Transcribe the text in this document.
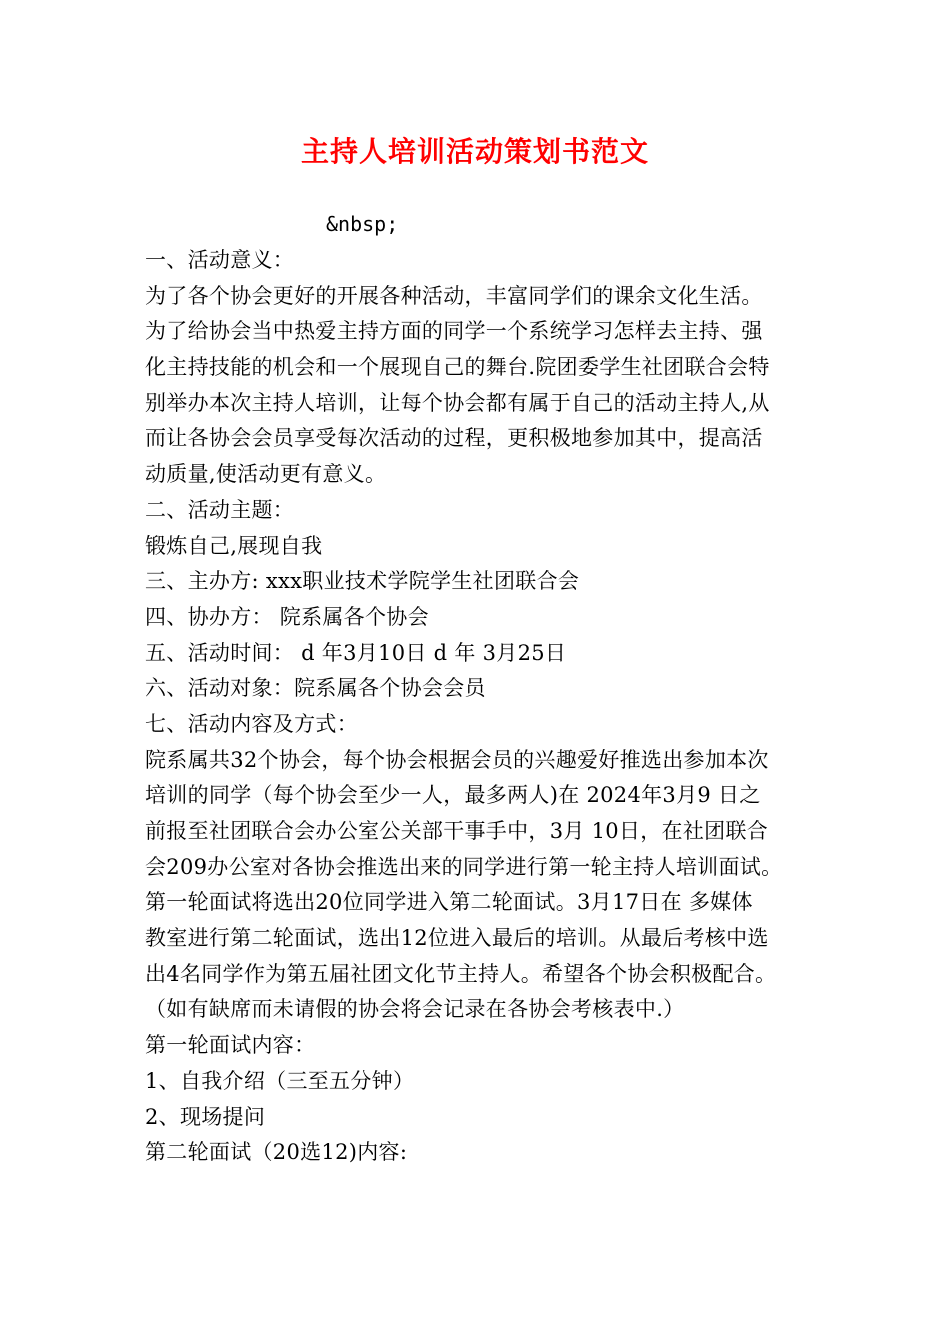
主持人培训活动策划书范文
&nbsp;
一、活动意义：
为了各个协会更好的开展各种活动，丰富同学们的课余文化生活。
为了给协会当中热爱主持方面的同学一个系统学习怎样去主持、强
化主持技能的机会和一个展现自己的舞台.院团委学生社团联合会特
别举办本次主持人培训，让每个协会都有属于自己的活动主持人,从
而让各协会会员享受每次活动的过程，更积极地参加其中，提高活
动质量,使活动更有意义。
二、活动主题：
锻炼自己,展现自我
三、主办方: xxx职业技术学院学生社团联合会
四、协办方： 院系属各个协会
五、活动时间： d 年3月10日 d 年 3月25日
六、活动对象：院系属各个协会会员
七、活动内容及方式：
院系属共32个协会，每个协会根据会员的兴趣爱好推选出参加本次
培训的同学（每个协会至少一人，最多两人)在 2024年3月9 日之
前报至社团联合会办公室公关部干事手中，3月 10日，在社团联合
会209办公室对各协会推选出来的同学进行第一轮主持人培训面试。
第一轮面试将选出20位同学进入第二轮面试。3月17日在 多媒体
教室进行第二轮面试，选出12位进入最后的培训。从最后考核中选
出4名同学作为第五届社团文化节主持人。希望各个协会积极配合。
（如有缺席而未请假的协会将会记录在各协会考核表中.）
第一轮面试内容：
1、自我介绍（三至五分钟）
2、现场提问
第二轮面试（20选12)内容:
